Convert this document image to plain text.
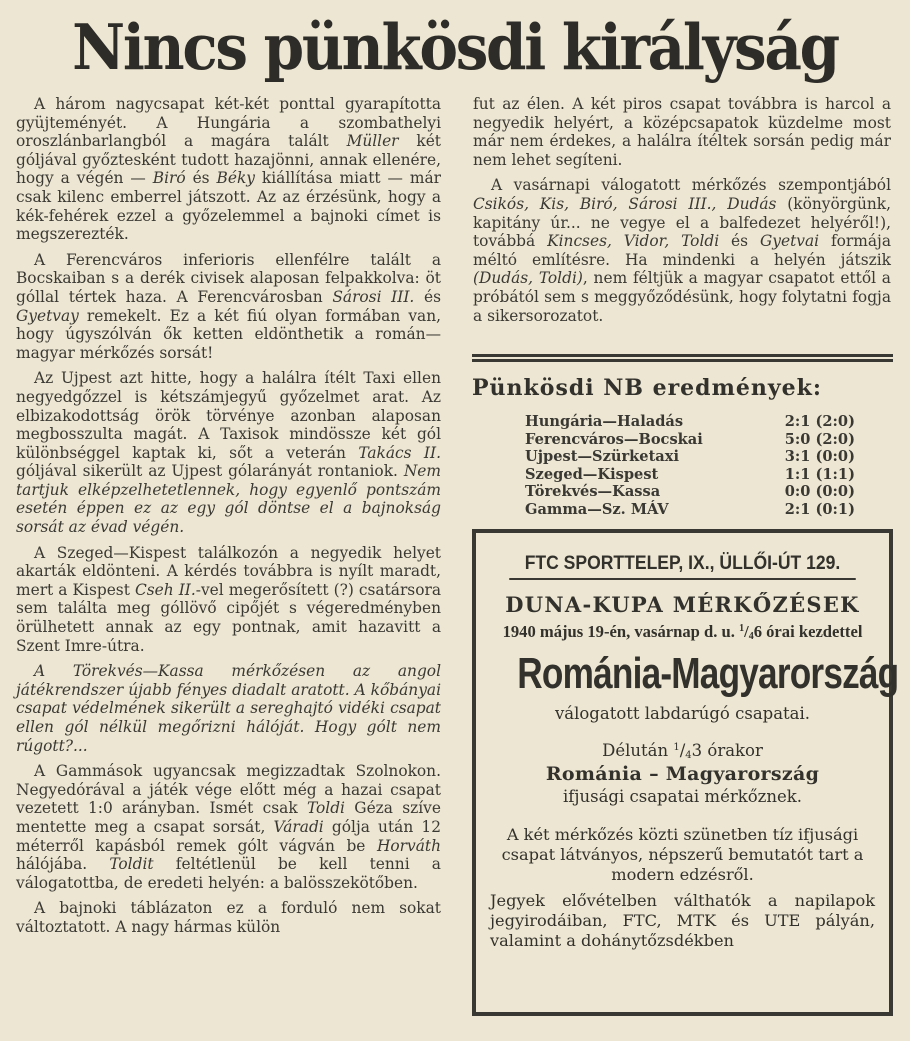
Nincs pünkösdi királyság

A három nagycsapat két-két ponttal gyarapította gyüjteményét. A Hungária a szombathelyi oroszlánbarlangból a magára talált Müller két góljával győztesként tudott hazajönni, annak ellenére, hogy a végén — Biró és Béky kiállítása miatt — már csak kilenc emberrel játszott. Az az érzésünk, hogy a kék-fehérek ezzel a győzelemmel a bajnoki címet is megszerezték.

A Ferencváros inferioris ellenfélre talált a Bocskaiban s a derék civisek alaposan felpakkolva: öt góllal tértek haza. A Ferencvárosban Sárosi III. és Gyetvay remekelt. Ez a két fiú olyan formában van, hogy úgyszólván ők ketten eldönthetik a román—magyar mérkőzés sorsát!

Az Ujpest azt hitte, hogy a halálra ítélt Taxi ellen negyedgőzzel is kétszámjegyű győzelmet arat. Az elbizakodottság örök törvénye azonban alaposan megbosszulta magát. A Taxisok mindössze két gól különbséggel kaptak ki, sőt a veterán Takács II. góljával sikerült az Ujpest gólarányát rontaniok. Nem tartjuk elképzelhetetlennek, hogy egyenlő pontszám esetén éppen ez az egy gól döntse el a bajnokság sorsát az évad végén.

A Szeged—Kispest találkozón a negyedik helyet akarták eldönteni. A kérdés továbbra is nyílt maradt, mert a Kispest Cseh II.-vel megerősített (?) csatársora sem találta meg góllövő cipőjét s végeredményben örülhetett annak az egy pontnak, amit hazavitt a Szent Imre-útra.

A Törekvés—Kassa mérkőzésen az angol játékrendszer újabb fényes diadalt aratott. A kőbányai csapat védelmének sikerült a sereghajtó vidéki csapat ellen gól nélkül megőrizni hálóját. Hogy gólt nem rúgott?...

A Gammások ugyancsak megizzadtak Szolnokon. Negyedórával a játék vége előtt még a hazai csapat vezetett 1:0 arányban. Ismét csak Toldi Géza szíve mentette meg a csapat sorsát, Váradi gólja után 12 méterről kapásból remek gólt vágván be Horváth hálójába. Toldit feltétlenül be kell tenni a válogatottba, de eredeti helyén: a balösszekötőben.

A bajnoki táblázaton ez a forduló nem sokat változtatott. A nagy hármas külön

fut az élen. A két piros csapat továbbra is harcol a negyedik helyért, a középcsapatok küzdelme most már nem érdekes, a halálra ítéltek sorsán pedig már nem lehet segíteni.

A vasárnapi válogatott mérkőzés szempontjából Csikós, Kis, Biró, Sárosi III., Dudás (könyörgünk, kapitány úr... ne vegye el a balfedezet helyéről!), továbbá Kincses, Vidor, Toldi és Gyetvai formája méltó említésre. Ha mindenki a helyén játszik (Dudás, Toldi), nem féltjük a magyar csapatot ettől a próbától sem s meggyőződésünk, hogy folytatni fogja a sikersorozatot.

Pünkösdi NB eredmények:
Hungária—Haladás	2:1 (2:0)
Ferencváros—Bocskai	5:0 (2:0)
Ujpest—Szürketaxi	3:1 (0:0)
Szeged—Kispest	1:1 (1:1)
Törekvés—Kassa	0:0 (0:0)
Gamma—Sz. MÁV	2:1 (0:1)
FTC SPORTTELEP, IX., ÜLLŐI-ÚT 129.
DUNA-KUPA MÉRKŐZÉSEK
1940 május 19-én, vasárnap d. u. $^1/_46$ órai kezdettel
Románia-Magyarország
válogatott labdarúgó csapatai.
Délután $^1/_43$ órakor
Románia – Magyarország
ifjusági csapatai mérkőznek.
A két mérkőzés közti szünetben tíz ifjusági csapat látványos, népszerű bemutatót tart a modern edzésről.
Jegyek elővételben válthatók a napilapok jegyirodáiban, FTC, MTK és UTE pályán, valamint a dohánytőzsdékben
